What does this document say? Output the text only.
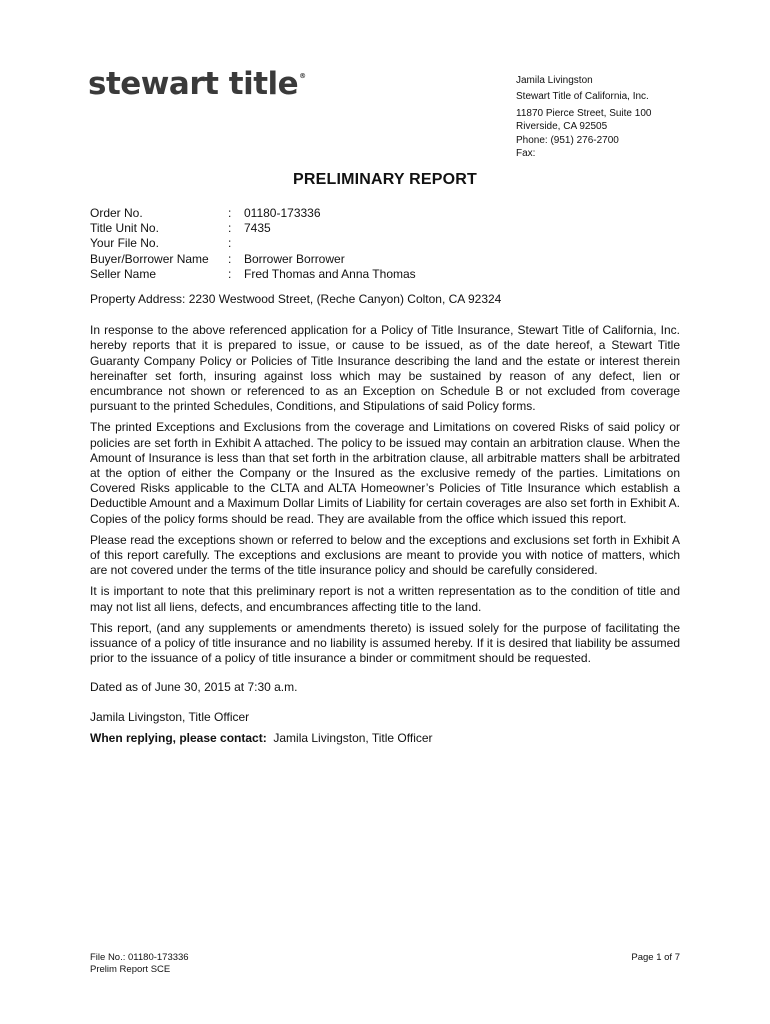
stewart title®	Jamila Livingston
Stewart Title of California, Inc.
11870 Pierce Street, Suite 100
Riverside, CA 92505
Phone: (951) 276-2700
Fax:
PRELIMINARY REPORT
Order No.	:	01180-173336
Title Unit No.	:	7435
Your File No.	:	
Buyer/Borrower Name	:	Borrower Borrower
Seller Name	:	Fred Thomas and Anna Thomas

Property Address: 2230 Westwood Street, (Reche Canyon) Colton, CA 92324

In response to the above referenced application for a Policy of Title Insurance, Stewart Title of California, Inc. hereby reports that it is prepared to issue, or cause to be issued, as of the date hereof, a Stewart Title Guaranty Company Policy or Policies of Title Insurance describing the land and the estate or interest therein hereinafter set forth, insuring against loss which may be sustained by reason of any defect, lien or encumbrance not shown or referenced to as an Exception on Schedule B or not excluded from coverage pursuant to the printed Schedules, Conditions, and Stipulations of said Policy forms.

The printed Exceptions and Exclusions from the coverage and Limitations on covered Risks of said policy or policies are set forth in Exhibit A attached. The policy to be issued may contain an arbitration clause. When the Amount of Insurance is less than that set forth in the arbitration clause, all arbitrable matters shall be arbitrated at the option of either the Company or the Insured as the exclusive remedy of the parties. Limitations on Covered Risks applicable to the CLTA and ALTA Homeowner’s Policies of Title Insurance which establish a Deductible Amount and a Maximum Dollar Limits of Liability for certain coverages are also set forth in Exhibit A. Copies of the policy forms should be read. They are available from the office which issued this report.

Please read the exceptions shown or referred to below and the exceptions and exclusions set forth in Exhibit A of this report carefully. The exceptions and exclusions are meant to provide you with notice of matters, which are not covered under the terms of the title insurance policy and should be carefully considered.

It is important to note that this preliminary report is not a written representation as to the condition of title and may not list all liens, defects, and encumbrances affecting title to the land.

This report, (and any supplements or amendments thereto) is issued solely for the purpose of facilitating the issuance of a policy of title insurance and no liability is assumed hereby. If it is desired that liability be assumed prior to the issuance of a policy of title insurance a binder or commitment should be requested.

Dated as of June 30, 2015 at 7:30 a.m.

Jamila Livingston, Title Officer

When replying, please contact: Jamila Livingston, Title Officer

File No.: 01180-173336
Prelim Report SCE
Page 1 of 7
